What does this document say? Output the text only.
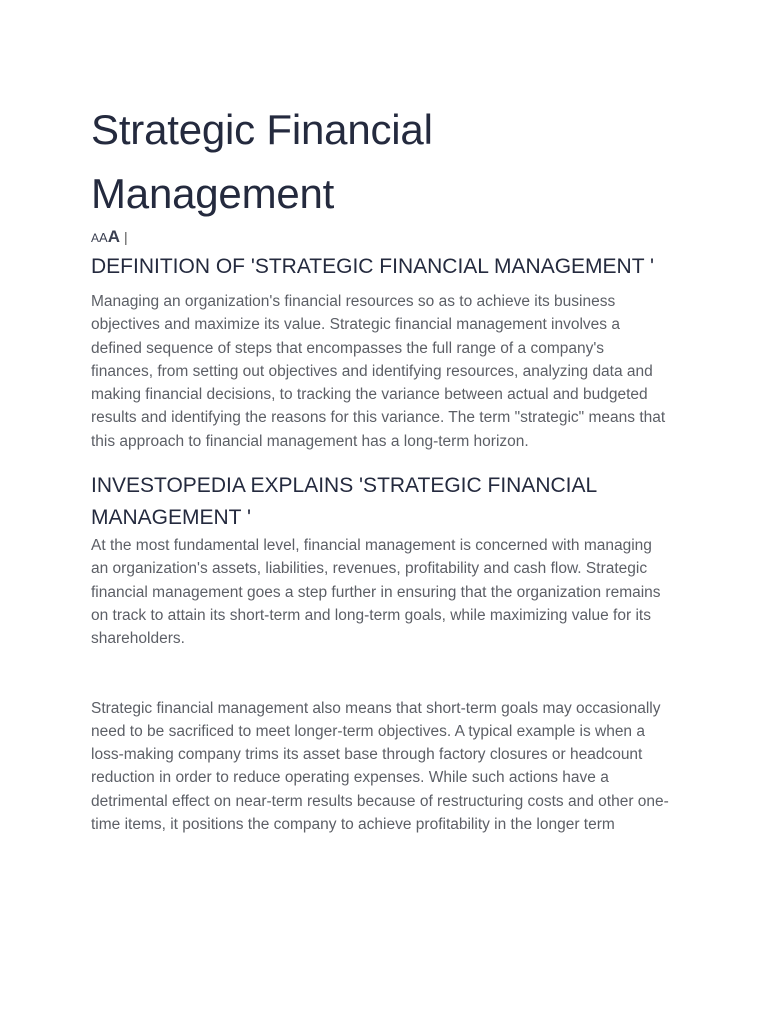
Strategic Financial Management
A A A |
DEFINITION OF 'STRATEGIC FINANCIAL MANAGEMENT '

Managing an organization's financial resources so as to achieve its business objectives and maximize its value. Strategic financial management involves a defined sequence of steps that encompasses the full range of a company's finances, from setting out objectives and identifying resources, analyzing data and making financial decisions, to tracking the variance between actual and budgeted results and identifying the reasons for this variance. The term "strategic" means that this approach to financial management has a long-term horizon.

INVESTOPEDIA EXPLAINS 'STRATEGIC FINANCIAL MANAGEMENT '

At the most fundamental level, financial management is concerned with managing an organization's assets, liabilities, revenues, profitability and cash flow. Strategic financial management goes a step further in ensuring that the organization remains on track to attain its short-term and long-term goals, while maximizing value for its shareholders.

Strategic financial management also means that short-term goals may occasionally need to be sacrificed to meet longer-term objectives. A typical example is when a loss-making company trims its asset base through factory closures or headcount reduction in order to reduce operating expenses. While such actions have a detrimental effect on near-term results because of restructuring costs and other one-time items, it positions the company to achieve profitability in the longer term
